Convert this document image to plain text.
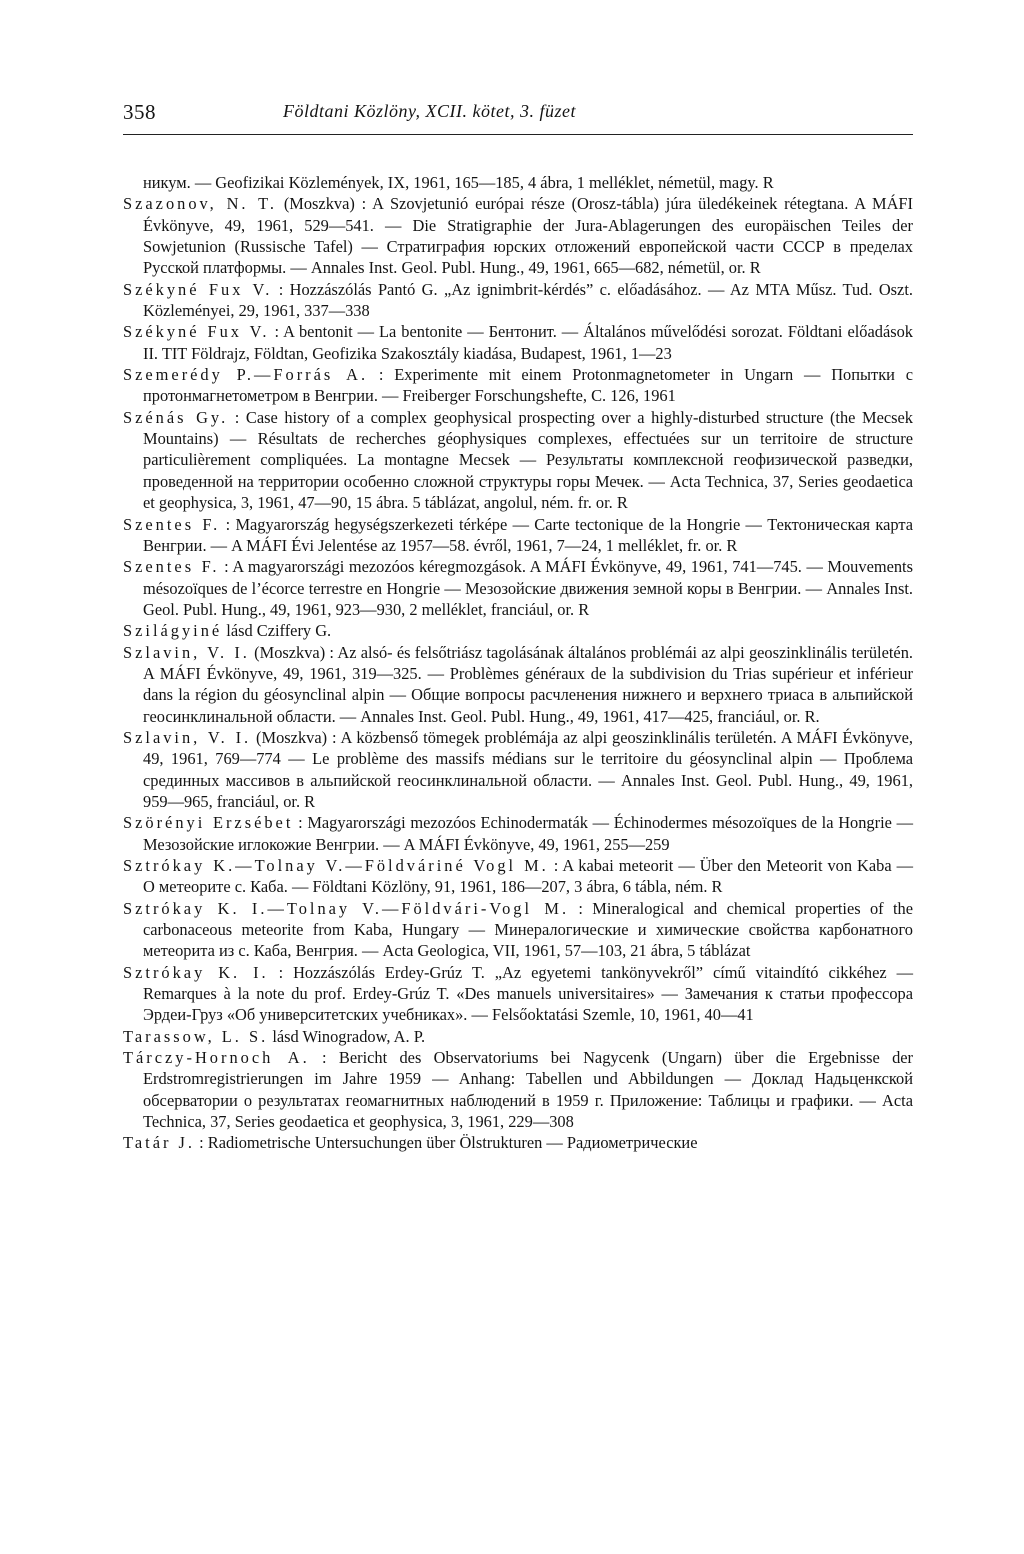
358	Földtani Közlöny, XCII. kötet, 3. füzet

никум. — Geofizikai Közlemények, IX, 1961, 165—185, 4 ábra, 1 melléklet, németül, magy. R

Szazonov, N. T. (Moszkva) : A Szovjetunió európai része (Orosz-tábla) júra üledékeinek rétegtana. A MÁFI Évkönyve, 49, 1961, 529—541. — Die Stratigraphie der Jura-Ablagerungen des europäischen Teiles der Sowjetunion (Russische Tafel) — Стратиграфия юрских отложений европейской части СССР в пределах Русской платформы. — Annales Inst. Geol. Publ. Hung., 49, 1961, 665—682, németül, or. R

Székyné Fux V. : Hozzászólás Pantó G. „Az ignimbrit-kérdés” c. előadásához. — Az MTA Műsz. Tud. Oszt. Közleményei, 29, 1961, 337—338

Székyné Fux V. : A bentonit — La bentonite — Бентонит. — Általános művelődési sorozat. Földtani előadások II. TIT Földrajz, Földtan, Geofizika Szakosztály kiadása, Budapest, 1961, 1—23

Szemerédy P.—Forrás A. : Experimente mit einem Protonmagnetometer in Ungarn — Попытки с протонмагнетометром в Венгрии. — Freiberger Forschungshefte, C. 126, 1961

Szénás Gy. : Case history of a complex geophysical prospecting over a highly-disturbed structure (the Mecsek Mountains) — Résultats de recherches géophysiques complexes, effectuées sur un territoire de structure particulièrement compliquées. La montagne Mecsek — Результаты комплексной геофизической разведки, проведенной на территории особенно сложной структуры горы Мечек. — Acta Technica, 37, Series geodaetica et geophysica, 3, 1961, 47—90, 15 ábra. 5 táblázat, angolul, ném. fr. or. R

Szentes F. : Magyarország hegységszerkezeti térképe — Carte tectonique de la Hongrie — Тектоническая карта Венгрии. — A MÁFI Évi Jelentése az 1957—58. évről, 1961, 7—24, 1 melléklet, fr. or. R

Szentes F. : A magyarországi mezozóos kéregmozgások. A MÁFI Évkönyve, 49, 1961, 741—745. — Mouvements mésozoïques de l’écorce terrestre en Hongrie — Мезозойские движения земной коры в Венгрии. — Annales Inst. Geol. Publ. Hung., 49, 1961, 923—930, 2 melléklet, franciául, or. R

Szilágyiné lásd Cziffery G.

Szlavin, V. I. (Moszkva) : Az alsó- és felsőtriász tagolásának általános problémái az alpi geoszinklinális területén. A MÁFI Évkönyve, 49, 1961, 319—325. — Problèmes généraux de la subdivision du Trias supérieur et inférieur dans la région du géosynclinal alpin — Общие вопросы расчленения нижнего и верхнего триаса в альпийской геосинклинальной области. — Annales Inst. Geol. Publ. Hung., 49, 1961, 417—425, franciául, or. R.

Szlavin, V. I. (Moszkva) : A közbenső tömegek problémája az alpi geoszinklinális területén. A MÁFI Évkönyve, 49, 1961, 769—774 — Le problème des massifs médians sur le territoire du géosynclinal alpin — Проблема срединных массивов в альпийской геосинклинальной области. — Annales Inst. Geol. Publ. Hung., 49, 1961, 959—965, franciául, or. R

Szörényi Erzsébet : Magyarországi mezozóos Echinodermaták — Échinodermes mésozoïques de la Hongrie — Мезозойские иглокожие Венгрии. — A MÁFI Évkönyve, 49, 1961, 255—259

Sztrókay K.—Tolnay V.—Földváriné Vogl M. : A kabai meteorit — Über den Meteorit von Kaba — О метеорите с. Каба. — Földtani Közlöny, 91, 1961, 186—207, 3 ábra, 6 tábla, ném. R

Sztrókay K. I.—Tolnay V.—Földvári-Vogl M. : Mineralogical and chemical properties of the carbonaceous meteorite from Kaba, Hungary — Минералогические и химические свойства карбонатного метеорита из с. Каба, Венгрия. — Acta Geologica, VII, 1961, 57—103, 21 ábra, 5 táblázat

Sztrókay K. I. : Hozzászólás Erdey-Grúz T. „Az egyetemi tankönyvekről” című vitaindító cikkéhez — Remarques à la note du prof. Erdey-Grúz T. «Des manuels universitaires» — Замечания к статьи профессора Эрдеи-Груз «Об университетских учебниках». — Felsőoktatási Szemle, 10, 1961, 40—41

Tarassow, L. S. lásd Winogradow, A. P.

Tárczy-Hornoch A. : Bericht des Observatoriums bei Nagycenk (Ungarn) über die Ergebnisse der Erdstromregistrierungen im Jahre 1959 — Anhang: Tabellen und Abbildungen — Доклад Надьценкской обсерватории о результатах геомагнитных наблюдений в 1959 г. Приложение: Таблицы и графики. — Acta Technica, 37, Series geodaetica et geophysica, 3, 1961, 229—308

Tatár J. : Radiometrische Untersuchungen über Ölstrukturen — Радиометрические
